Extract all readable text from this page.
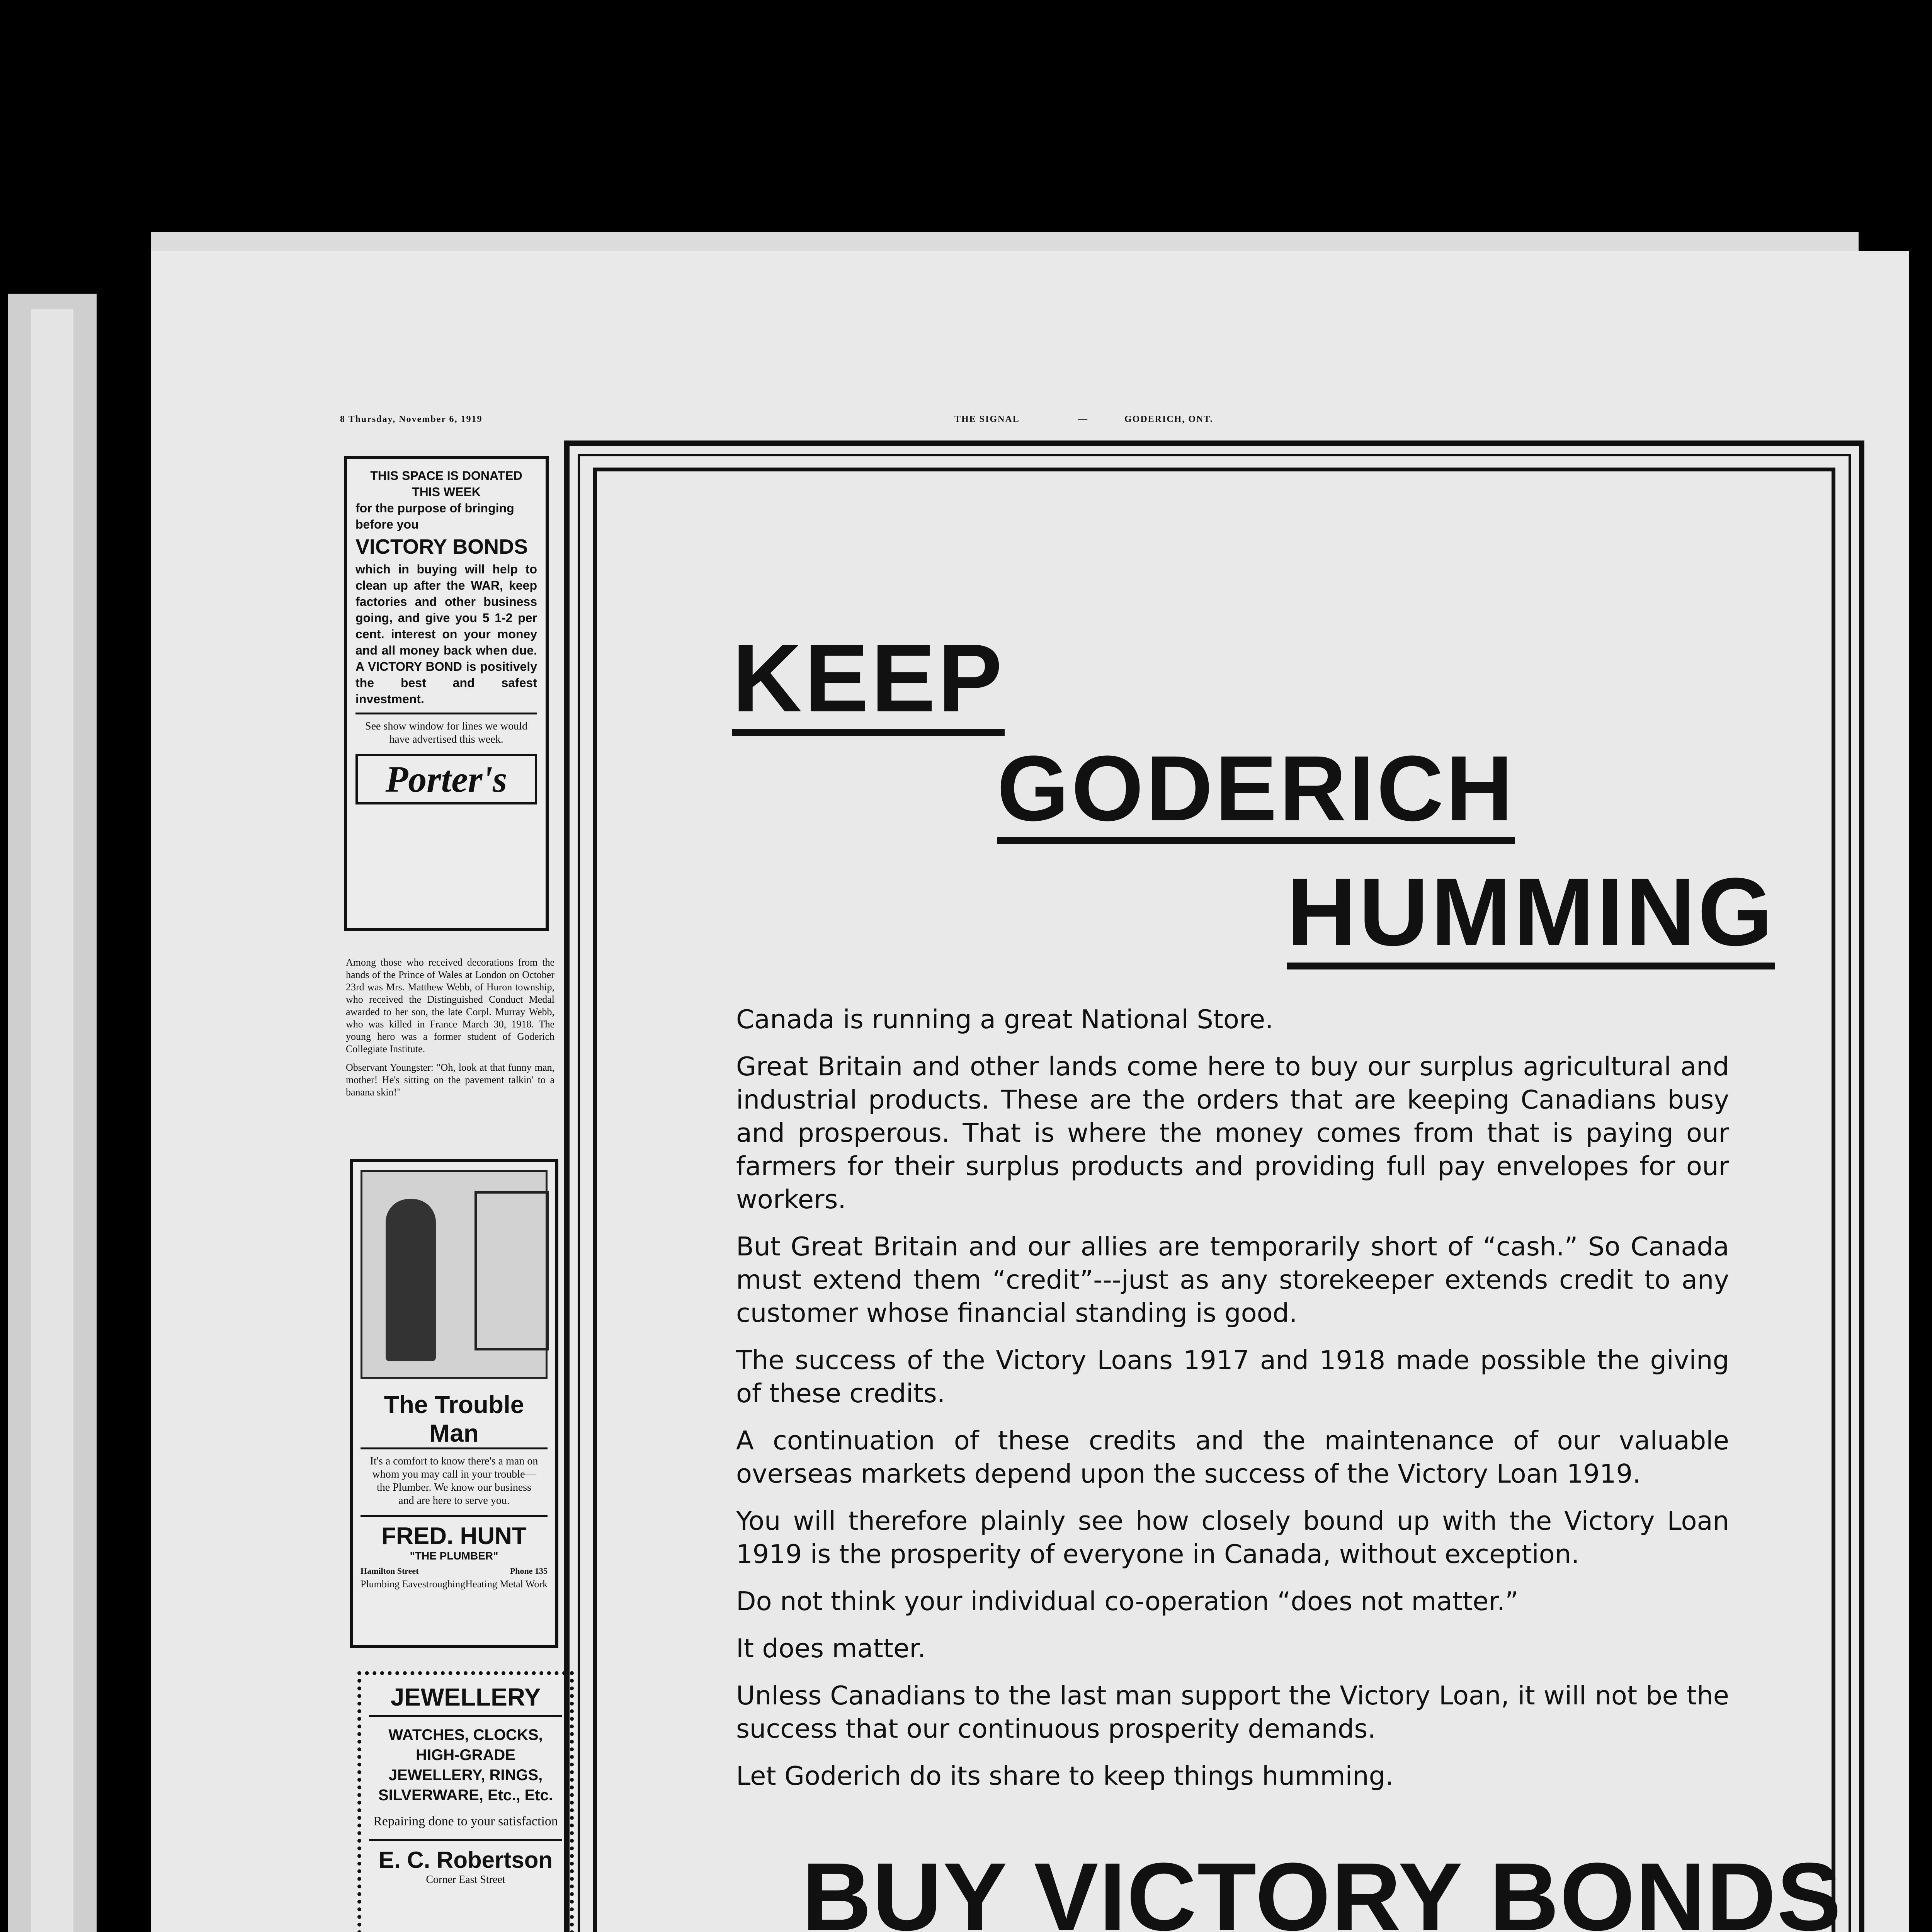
8 Thursday, November 6, 1919	THE SIGNAL	—	GODERICH, ONT.

THIS SPACE IS DONATED

THIS WEEK

for the purpose of bringing

before you

VICTORY BONDS

which in buying will help to clean up after the WAR, keep factories and other business going, and give you 5 1-2 per cent. interest on your money and all money back when due. A VICTORY BOND is positively the best and safest investment.

See show window for lines we would have advertised this week.

Porter's

Among those who received decorations from the hands of the Prince of Wales at London on October 23rd was Mrs. Matthew Webb, of Huron township, who received the Distinguished Conduct Medal awarded to her son, the late Corpl. Murray Webb, who was killed in France March 30, 1918. The young hero was a former student of Goderich Collegiate Institute.

Observant Youngster: "Oh, look at that funny man, mother! He's sitting on the pavement talkin' to a banana skin!"

The Trouble Man

It's a comfort to know there's a man on whom you may call in your trouble—the Plumber. We know our business and are here to serve you.

FRED. HUNT
"THE PLUMBER"
Hamilton Street	Phone 135
Plumbing Eavestroughing Heating Metal Work
JEWELLERY

WATCHES, CLOCKS, HIGH-GRADE JEWELLERY, RINGS, SILVERWARE, Etc., Etc.

Repairing done to your satisfaction

E. C. Robertson

Corner East Street

KEEP
GODERICH
HUMMING

Canada is running a great National Store.

Great Britain and other lands come here to buy our surplus agricultural and industrial products. These are the orders that are keeping Canadians busy and prosperous. That is where the money comes from that is paying our farmers for their surplus products and providing full pay envelopes for our workers.

But Great Britain and our allies are temporarily short of “cash.” So Canada must extend them “credit”---just as any storekeeper extends credit to any customer whose financial standing is good.

The success of the Victory Loans 1917 and 1918 made possible the giving of these credits.

A continuation of these credits and the maintenance of our valuable overseas markets depend upon the success of the Victory Loan 1919.

You will therefore plainly see how closely bound up with the Victory Loan 1919 is the prosperity of everyone in Canada, without exception.

Do not think your individual co-operation “does not matter.”

It does matter.

Unless Canadians to the last man support the Victory Loan, it will not be the success that our continuous prosperity demands.

Let Goderich do its share to keep things humming.

BUY VICTORY BONDS
